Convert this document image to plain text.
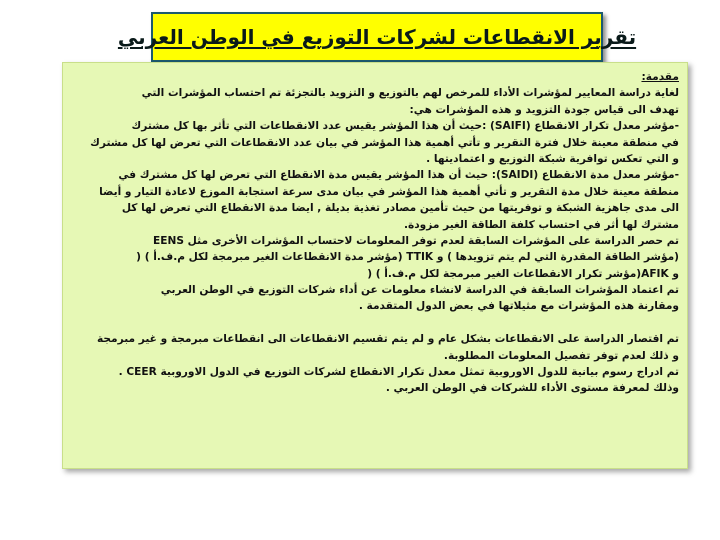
تقرير الانقطاعات لشركات التوزيع في الوطن العربي
مقدمة:
لغاية دراسة المعايير لمؤشرات الأداء للمرخص لهم بالتوزيع و التزويد بالتجزئة تم احتساب المؤشرات التي
تهدف الى قياس جودة التزويد و هذه المؤشرات هي:
-مؤشر معدل تكرار الانقطاع (SAIFI) :حيث أن هذا المؤشر يقيس عدد الانقطاعات التي تأثر بها كل مشترك
في منطقة معينة خلال فترة التقرير و تأتي أهمية هذا المؤشر في بيان عدد الانقطاعات التي تعرض لها كل مشترك
و التي تعكس توافرية شبكة التوزيع و اعتماديتها .
-مؤشر معدل مدة الانقطاع (SAIDI): حيث أن هذا المؤشر يقيس مدة الانقطاع التي تعرض لها كل مشترك في
منطقة معينة خلال مدة التقرير و تأتي أهمية هذا المؤشر في بيان مدى سرعة استجابة الموزع لاعادة التيار و أيضا
الى مدى جاهزية الشبكة و توفريتها من حيث تأمين مصادر تغذية بديلة , ايضا مدة الانقطاع التي تعرض لها كل
مشترك لها أثر في احتساب كلفة الطاقة الغير مزودة.
تم حصر الدراسة على المؤشرات السابقة لعدم توفر المعلومات لاحتساب المؤشرات الأخرى مثل EENS
(مؤشر الطاقة المقدرة التي لم يتم تزويدها ) و TTIK (مؤشر مدة الانقطاعات الغير مبرمجة لكل م.ف.أ ) (
و AFIK(مؤشر تكرار الانقطاعات الغير مبرمجة لكل م.ف.أ ) (
تم اعتماد المؤشرات السابقة في الدراسة لانشاء معلومات عن أداء شركات التوزيع في الوطن العربي
ومقارنة هذه المؤشرات مع مثيلاتها في بعض الدول المتقدمة .
تم اقتصار الدراسة على الانقطاعات بشكل عام و لم يتم تقسيم الانقطاعات الى انقطاعات مبرمجة و غير مبرمجة
و ذلك لعدم توفر تفصيل المعلومات المطلوبة.
تم ادراج رسوم بيانية للدول الاوروبية تمثل معدل تكرار الانقطاع لشركات التوزيع في الدول الاوروبية CEER .
وذلك لمعرفة مستوى الأداء للشركات في الوطن العربي .
